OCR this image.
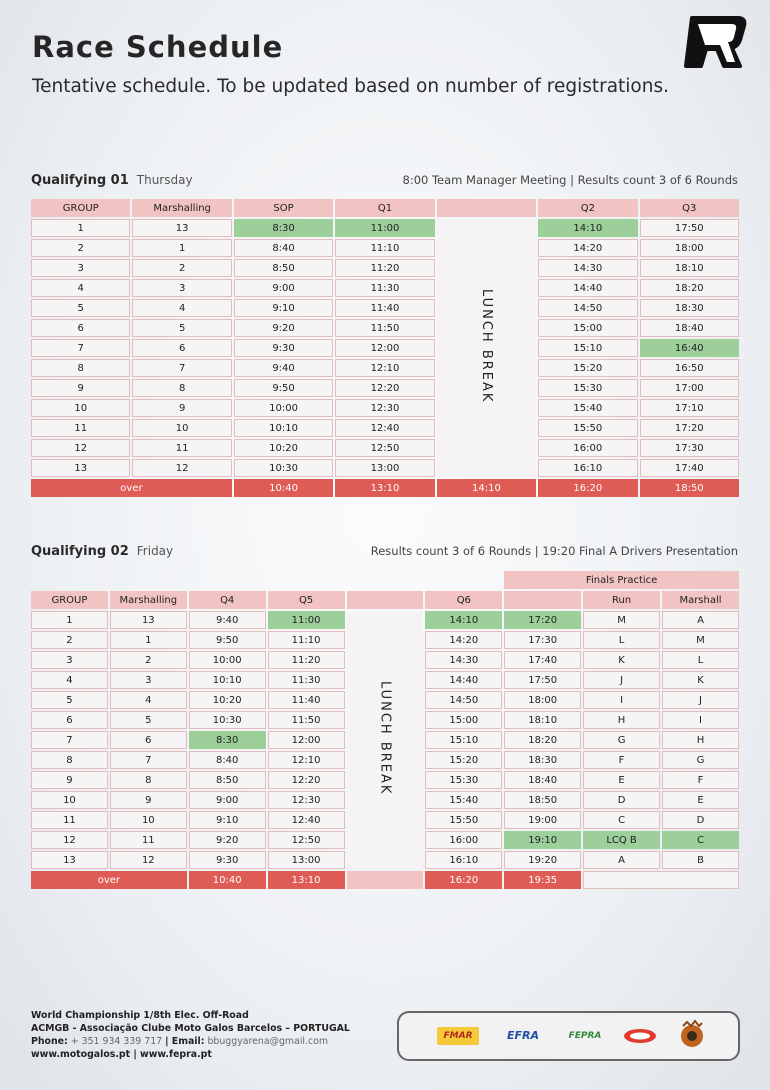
Race Schedule
Tentative schedule. To be updated based on number of registrations.
Qualifying 01 Thursday	8:00 Team Manager Meeting | Results count 3 of 6 Rounds
GROUP	Marshalling	SOP	Q1		Q2	Q3
1	13	8:30	11:00	LUNCH BREAK	14:10	17:50
2	1	8:40	11:10		14:20	18:00
3	2	8:50	11:20		14:30	18:10
4	3	9:00	11:30		14:40	18:20
5	4	9:10	11:40		14:50	18:30
6	5	9:20	11:50		15:00	18:40
7	6	9:30	12:00		15:10	16:40
8	7	9:40	12:10		15:20	16:50
9	8	9:50	12:20		15:30	17:00
10	9	10:00	12:30		15:40	17:10
11	10	10:10	12:40		15:50	17:20
12	11	10:20	12:50		16:00	17:30
13	12	10:30	13:00		16:10	17:40
over		10:40	13:10	14:10	16:20	18:50
Qualifying 02 Friday	Results count 3 of 6 Rounds | 19:20 Final A Drivers Presentation
						Finals Practice		
GROUP	Marshalling	Q4	Q5		Q6		Run	Marshall
1	13	9:40	11:00	LUNCH BREAK	14:10	17:20	M	A
2	1	9:50	11:10		14:20	17:30	L	M
3	2	10:00	11:20		14:30	17:40	K	L
4	3	10:10	11:30		14:40	17:50	J	K
5	4	10:20	11:40		14:50	18:00	I	J
6	5	10:30	11:50		15:00	18:10	H	I
7	6	8:30	12:00		15:10	18:20	G	H
8	7	8:40	12:10		15:20	18:30	F	G
9	8	8:50	12:20		15:30	18:40	E	F
10	9	9:00	12:30		15:40	18:50	D	E
11	10	9:10	12:40		15:50	19:00	C	D
12	11	9:20	12:50		16:00	19:10	LCQ B	C
13	12	9:30	13:00		16:10	19:20	A	B
over		10:40	13:10		16:20	19:35		
World Championship 1/8th Elec. Off-Road
ACMGB - Associação Clube Moto Galos Barcelos – PORTUGAL
Phone: + 351 934 339 717 | Email: bbuggyarena@gmail.com
www.motogalos.pt | www.fepra.pt
FMAR	EFRA	FEPRA
